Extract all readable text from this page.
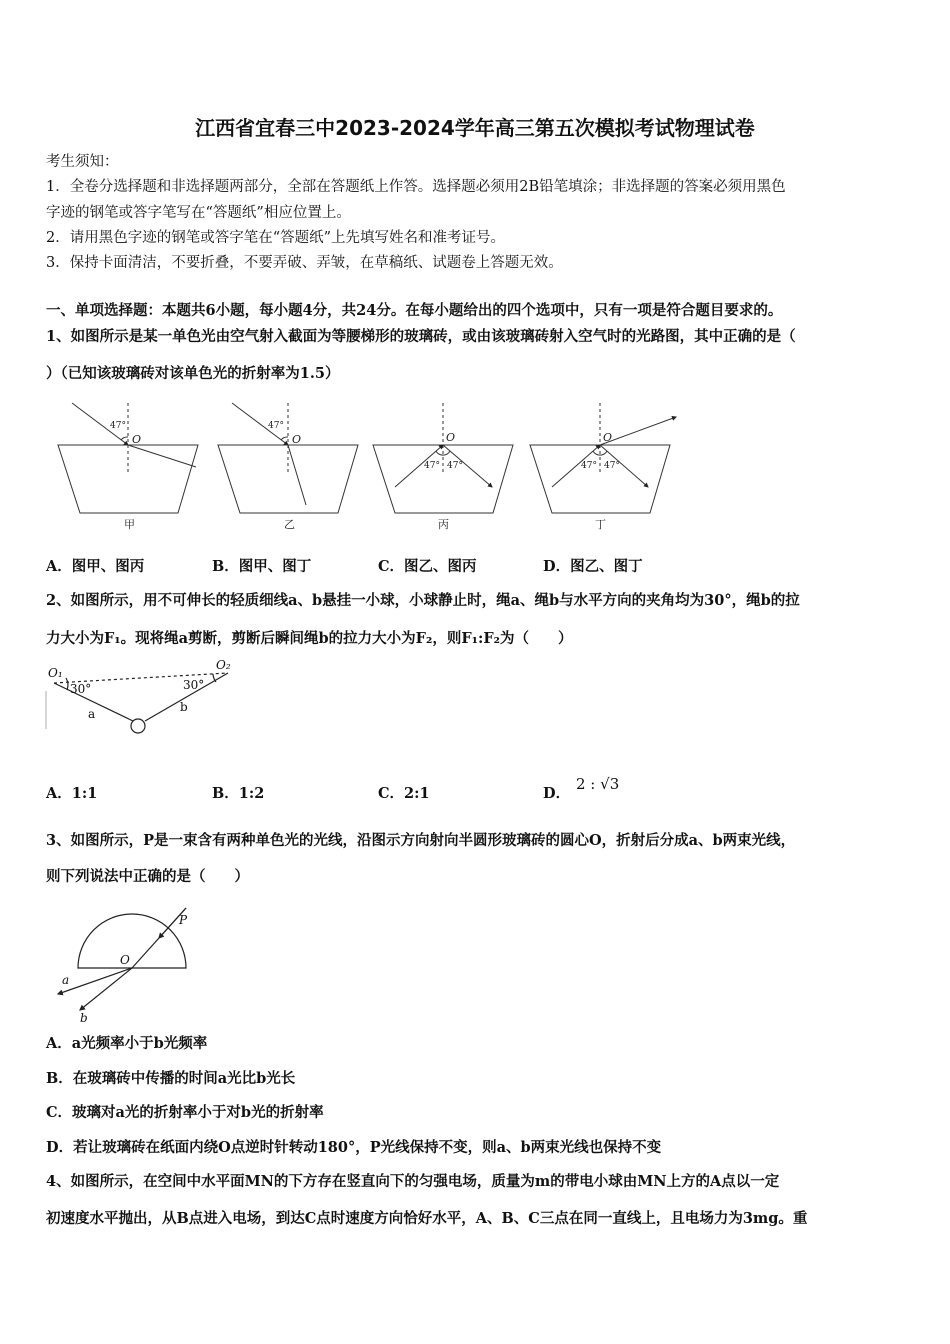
江西省宜春三中2023-2024学年高三第五次模拟考试物理试卷
考生须知：
1．全卷分选择题和非选择题两部分，全部在答题纸上作答。选择题必须用2B铅笔填涂；非选择题的答案必须用黑色
字迹的钢笔或答字笔写在“答题纸”相应位置上。
2．请用黑色字迹的钢笔或答字笔在“答题纸”上先填写姓名和准考证号。
3．保持卡面清洁，不要折叠，不要弄破、弄皱，在草稿纸、试题卷上答题无效。
一、单项选择题：本题共6小题，每小题4分，共24分。在每小题给出的四个选项中，只有一项是符合题目要求的。
1、如图所示是某一单色光由空气射入截面为等腰梯形的玻璃砖，或由该玻璃砖射入空气时的光路图，其中正确的是（
）（已知该玻璃砖对该单色光的折射率为1.5）
47°
O
47°
O	O
47° 47°
O
47° 47°
甲	乙	丙	丁
A．图甲、图丙	B．图甲、图丁	C．图乙、图丙	D．图乙、图丁
2、如图所示，用不可伸长的轻质细线a、b悬挂一小球，小球静止时，绳a、绳b与水平方向的夹角均为30°，绳b的拉
力大小为F₁。现将绳a剪断，剪断后瞬间绳b的拉力大小为F₂，则F₁:F₂为（　　）
O₁
O₂
30°	30°
a	b
A．1:1	B．1:2	C．2:1	D．
2 : √3
3、如图所示，P是一束含有两种单色光的光线，沿图示方向射向半圆形玻璃砖的圆心O，折射后分成a、b两束光线，
则下列说法中正确的是（　　）
P
O
a
b
A．a光频率小于b光频率
B．在玻璃砖中传播的时间a光比b光长
C．玻璃对a光的折射率小于对b光的折射率
D．若让玻璃砖在纸面内绕O点逆时针转动180°，P光线保持不变，则a、b两束光线也保持不变
4、如图所示，在空间中水平面MN的下方存在竖直向下的匀强电场，质量为m的带电小球由MN上方的A点以一定
初速度水平抛出，从B点进入电场，到达C点时速度方向恰好水平，A、B、C三点在同一直线上，且电场力为3mg。重
